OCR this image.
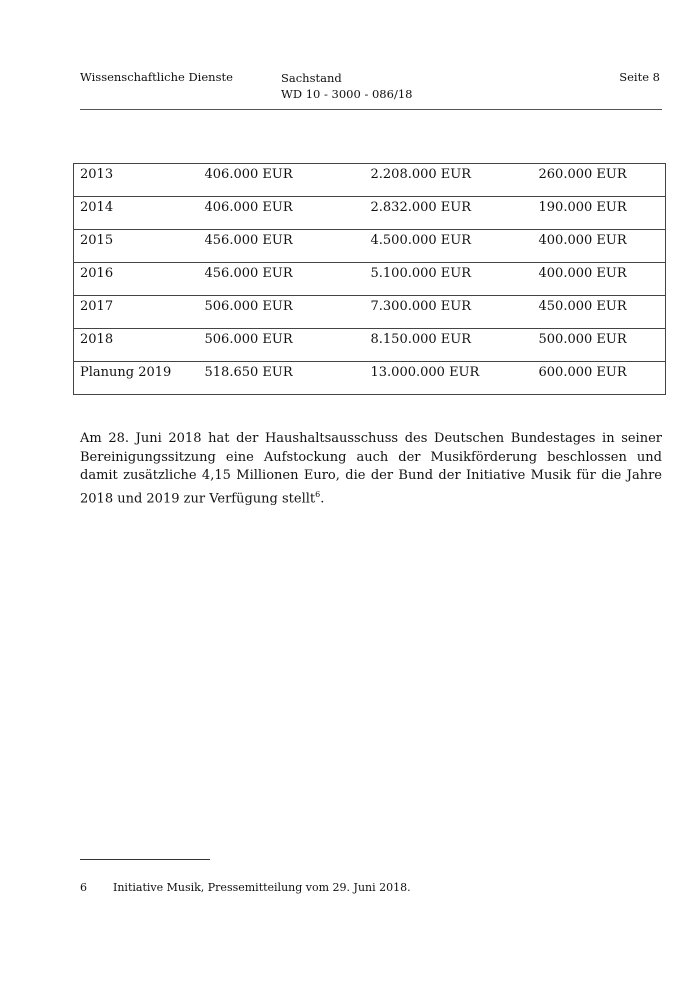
Wissenschaftliche Dienste	Sachstand
WD 10 - 3000 - 086/18
Seite 8
2013	406.000 EUR	2.208.000 EUR	260.000 EUR
2014	406.000 EUR	2.832.000 EUR	190.000 EUR
2015	456.000 EUR	4.500.000 EUR	400.000 EUR
2016	456.000 EUR	5.100.000 EUR	400.000 EUR
2017	506.000 EUR	7.300.000 EUR	450.000 EUR
2018	506.000 EUR	8.150.000 EUR	500.000 EUR
Planung 2019	518.650 EUR	13.000.000 EUR	600.000 EUR
Am 28. Juni 2018 hat der Haushaltsausschuss des Deutschen Bundestages in seiner Bereinigungssitzung eine Aufstockung auch der Musikförderung beschlossen und damit zusätzliche 4,15 Millionen Euro, die der Bund der Initiative Musik für die Jahre 2018 und 2019 zur Verfügung stellt$^6$.
6 Initiative Musik, Pressemitteilung vom 29. Juni 2018.
